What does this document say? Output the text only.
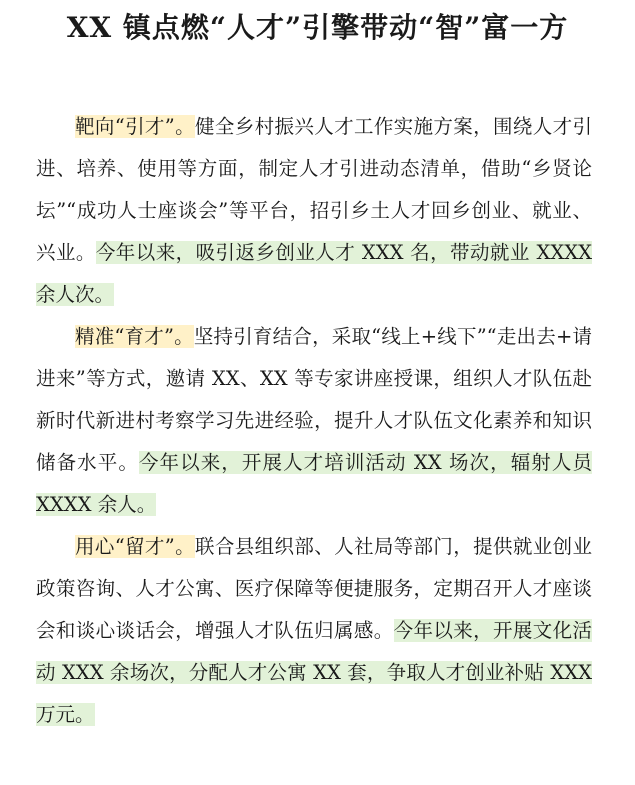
XX 镇点燃“人才”引擎带动“智”富一方

靶向“引才”。健全乡村振兴人才工作实施方案，围绕人才引进、培养、使用等方面，制定人才引进动态清单，借助“乡贤论坛”“成功人士座谈会”等平台，招引乡土人才回乡创业、就业、兴业。今年以来，吸引返乡创业人才 XXX 名，带动就业 XXXX 余人次。

精准“育才”。坚持引育结合，采取“线上+线下”“走出去+请进来”等方式，邀请 XX、XX 等专家讲座授课，组织人才队伍赴新时代新进村考察学习先进经验，提升人才队伍文化素养和知识储备水平。今年以来，开展人才培训活动 XX 场次，辐射人员 XXXX 余人。

用心“留才”。联合县组织部、人社局等部门，提供就业创业政策咨询、人才公寓、医疗保障等便捷服务，定期召开人才座谈会和谈心谈话会，增强人才队伍归属感。今年以来，开展文化活动 XXX 余场次，分配人才公寓 XX 套，争取人才创业补贴 XXX 万元。
